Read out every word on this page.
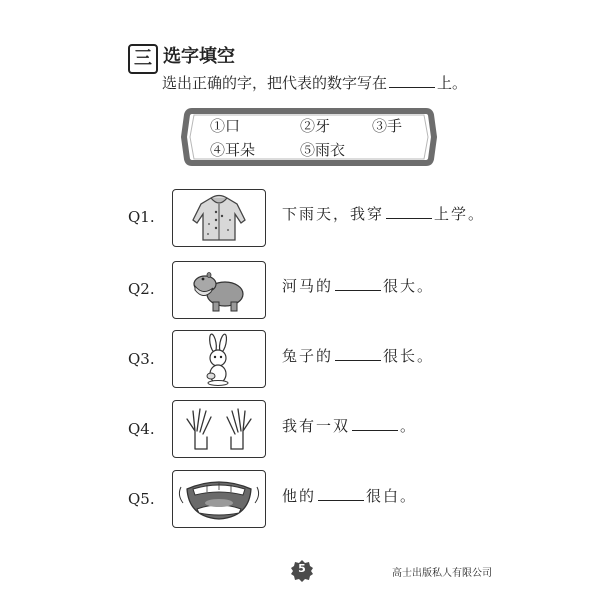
三 选字填空
选出正确的字，把代表的数字写在	上。
①口	②牙	③手
④耳朵	⑤雨衣
Q1.	下雨天，我穿	上学。
Q2.	河马的	很大。
Q3.	兔子的	很长。
Q4.	我有一双	。
Q5.	他的	很白。
5	高士出版私人有限公司
